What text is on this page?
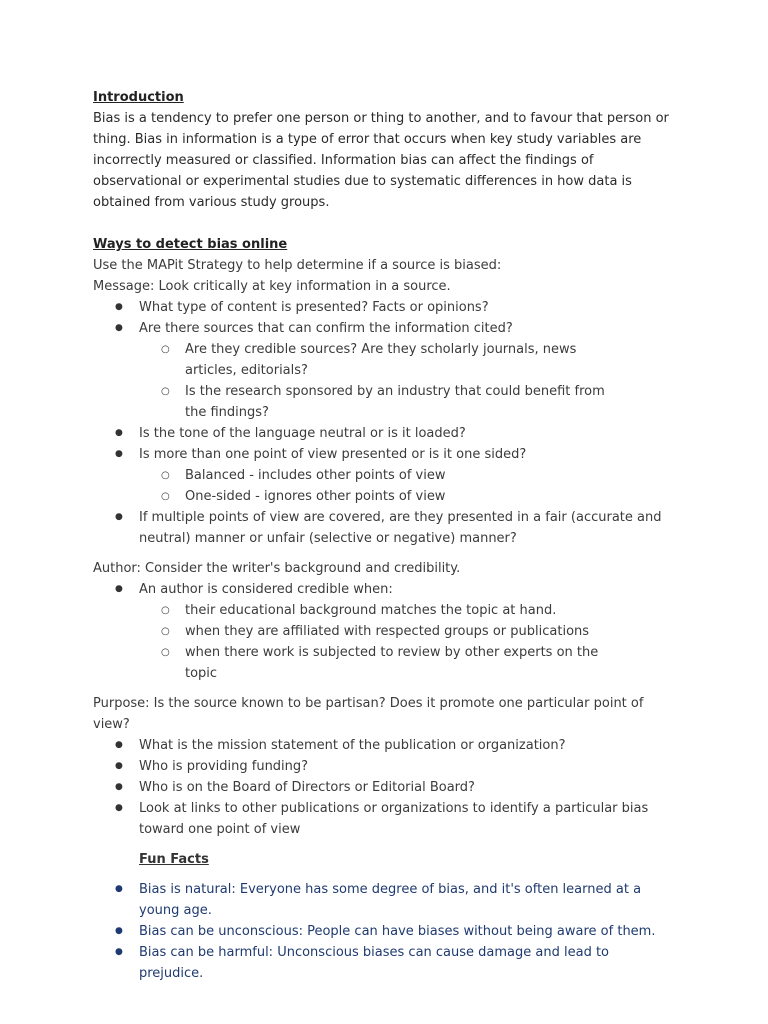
Introduction
Bias is a tendency to prefer one person or thing to another, and to favour that person or thing. Bias in information is a type of error that occurs when key study variables are incorrectly measured or classified. Information bias can affect the findings of observational or experimental studies due to systematic differences in how data is obtained from various study groups.
Ways to detect bias online
Use the MAPit Strategy to help determine if a source is biased:
Message: Look critically at key information in a source.
● What type of content is presented? Facts or opinions?
● Are there sources that can confirm the information cited?
○ Are they credible sources? Are they scholarly journals, news articles, editorials?
○ Is the research sponsored by an industry that could benefit from the findings?
● Is the tone of the language neutral or is it loaded?
● Is more than one point of view presented or is it one sided?
○ Balanced - includes other points of view
○ One-sided - ignores other points of view
● If multiple points of view are covered, are they presented in a fair (accurate and neutral) manner or unfair (selective or negative) manner?
Author: Consider the writer's background and credibility.
● An author is considered credible when:
○ their educational background matches the topic at hand.
○ when they are affiliated with respected groups or publications
○ when there work is subjected to review by other experts on the topic
Purpose: Is the source known to be partisan? Does it promote one particular point of view?
● What is the mission statement of the publication or organization?
● Who is providing funding?
● Who is on the Board of Directors or Editorial Board?
● Look at links to other publications or organizations to identify a particular bias toward one point of view
Fun Facts
● Bias is natural: Everyone has some degree of bias, and it's often learned at a young age.
● Bias can be unconscious: People can have biases without being aware of them.
● Bias can be harmful: Unconscious biases can cause damage and lead to prejudice.
